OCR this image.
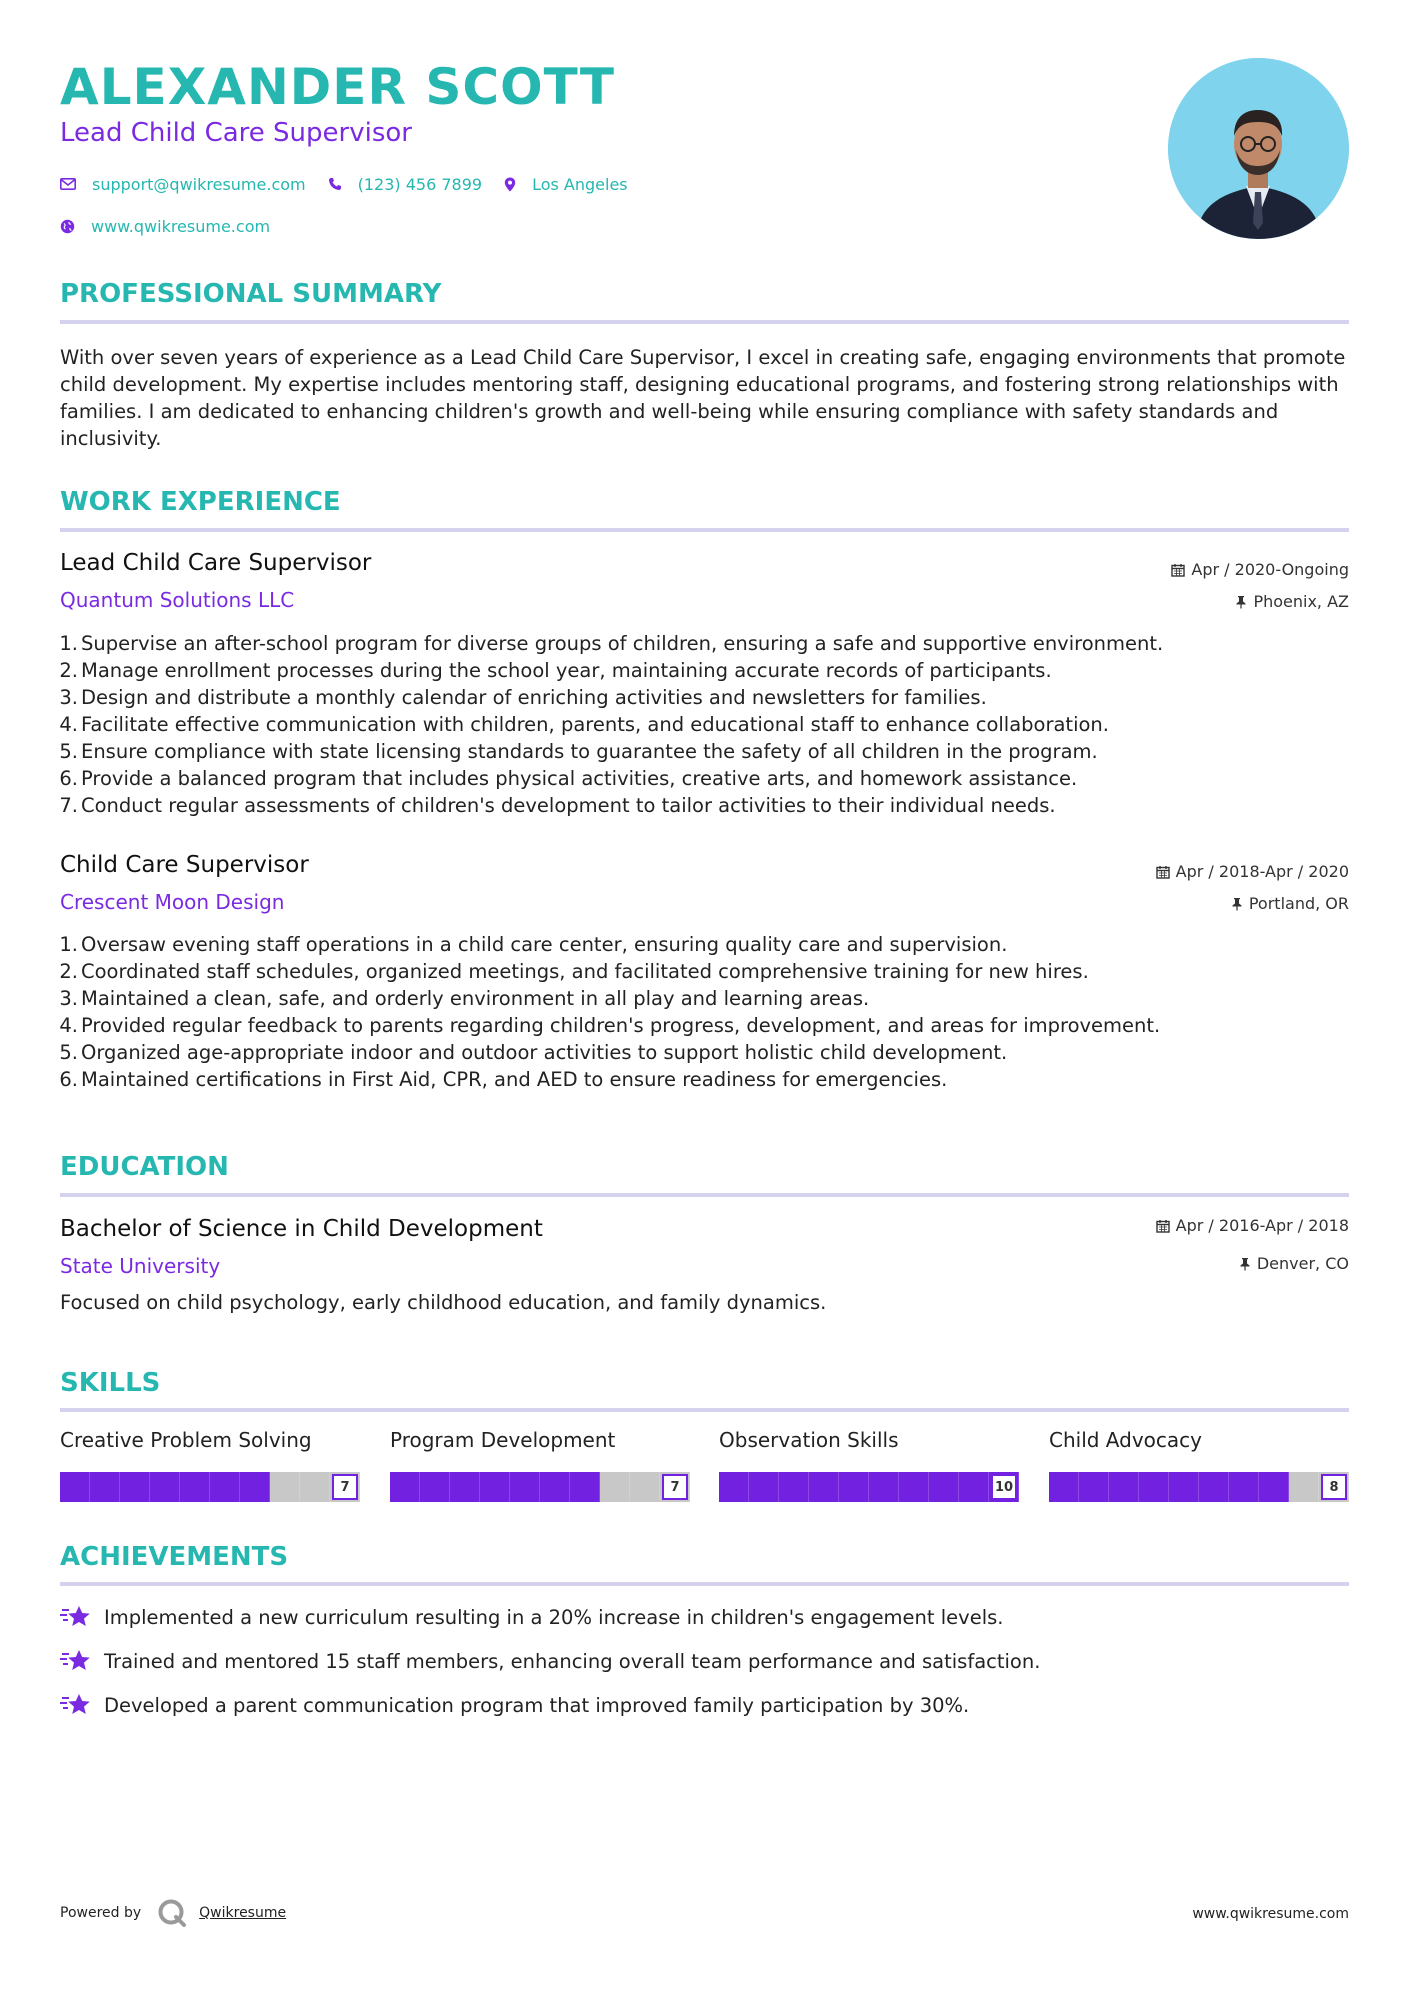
ALEXANDER SCOTT
Lead Child Care Supervisor
support@qwikresume.com	(123) 456 7899	Los Angeles
www.qwikresume.com
PROFESSIONAL SUMMARY
With over seven years of experience as a Lead Child Care Supervisor, I excel in creating safe, engaging environments that promote child development. My expertise includes mentoring staff, designing educational programs, and fostering strong relationships with families. I am dedicated to enhancing children's growth and well-being while ensuring compliance with safety standards and inclusivity.
WORK EXPERIENCE
Lead Child Care Supervisor
Quantum Solutions LLC
Apr / 2020-Ongoing
Phoenix, AZ
1. Supervise an after-school program for diverse groups of children, ensuring a safe and supportive environment.
2. Manage enrollment processes during the school year, maintaining accurate records of participants.
3. Design and distribute a monthly calendar of enriching activities and newsletters for families.
4. Facilitate effective communication with children, parents, and educational staff to enhance collaboration.
5. Ensure compliance with state licensing standards to guarantee the safety of all children in the program.
6. Provide a balanced program that includes physical activities, creative arts, and homework assistance.
7. Conduct regular assessments of children's development to tailor activities to their individual needs.
Child Care Supervisor
Crescent Moon Design
Apr / 2018-Apr / 2020
Portland, OR
1. Oversaw evening staff operations in a child care center, ensuring quality care and supervision.
2. Coordinated staff schedules, organized meetings, and facilitated comprehensive training for new hires.
3. Maintained a clean, safe, and orderly environment in all play and learning areas.
4. Provided regular feedback to parents regarding children's progress, development, and areas for improvement.
5. Organized age-appropriate indoor and outdoor activities to support holistic child development.
6. Maintained certifications in First Aid, CPR, and AED to ensure readiness for emergencies.
EDUCATION
Bachelor of Science in Child Development
State University
Apr / 2016-Apr / 2018
Denver, CO
Focused on child psychology, early childhood education, and family dynamics.
SKILLS
Creative Problem Solving
7
Program Development
7
Observation Skills
10
Child Advocacy
8
ACHIEVEMENTS
Implemented a new curriculum resulting in a 20% increase in children's engagement levels.
Trained and mentored 15 staff members, enhancing overall team performance and satisfaction.
Developed a parent communication program that improved family participation by 30%.
Powered by	Qwikresume	www.qwikresume.com
